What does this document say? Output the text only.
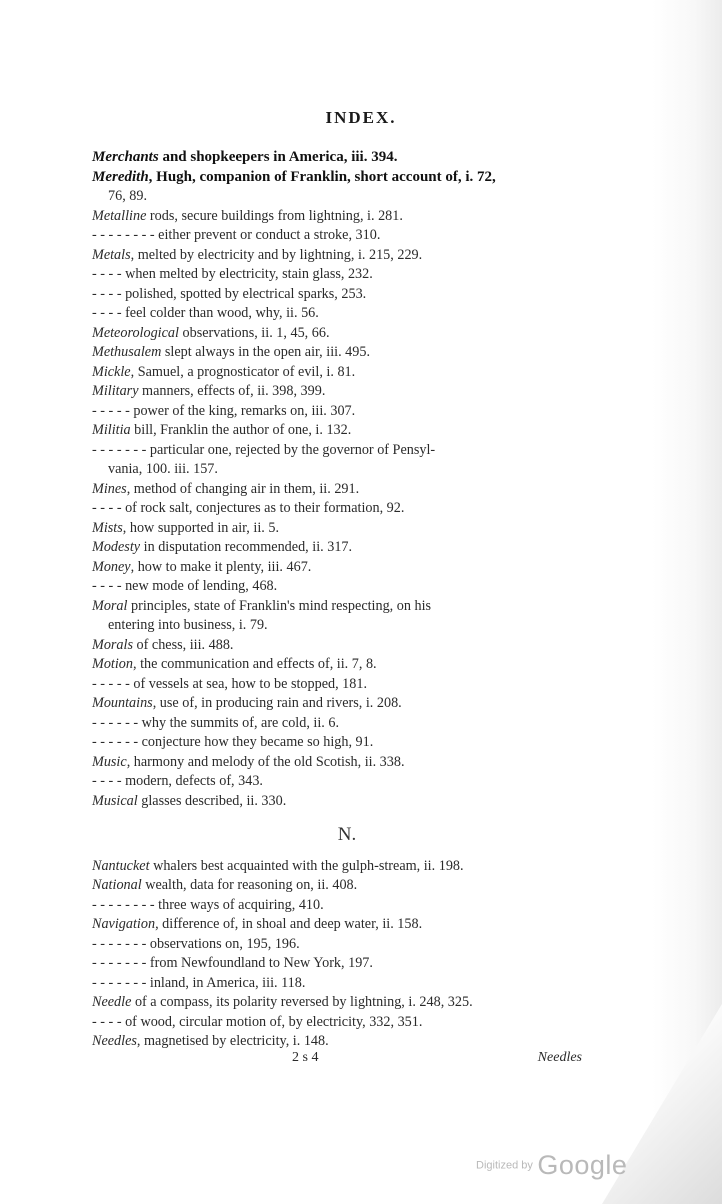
INDEX.
Merchants and shopkeepers in America, iii. 394.
Meredith, Hugh, companion of Franklin, short account of, i. 72,
76, 89.
Metalline rods, secure buildings from lightning, i. 281.
- - - - - - - - either prevent or conduct a stroke, 310.
Metals, melted by electricity and by lightning, i. 215, 229.
- - - - when melted by electricity, stain glass, 232.
- - - - polished, spotted by electrical sparks, 253.
- - - - feel colder than wood, why, ii. 56.
Meteorological observations, ii. 1, 45, 66.
Methusalem slept always in the open air, iii. 495.
Mickle, Samuel, a prognosticator of evil, i. 81.
Military manners, effects of, ii. 398, 399.
- - - - - power of the king, remarks on, iii. 307.
Militia bill, Franklin the author of one, i. 132.
- - - - - - - particular one, rejected by the governor of Pensyl-
vania, 100. iii. 157.
Mines, method of changing air in them, ii. 291.
- - - - of rock salt, conjectures as to their formation, 92.
Mists, how supported in air, ii. 5.
Modesty in disputation recommended, ii. 317.
Money, how to make it plenty, iii. 467.
- - - - new mode of lending, 468.
Moral principles, state of Franklin's mind respecting, on his
entering into business, i. 79.
Morals of chess, iii. 488.
Motion, the communication and effects of, ii. 7, 8.
- - - - - of vessels at sea, how to be stopped, 181.
Mountains, use of, in producing rain and rivers, i. 208.
- - - - - - why the summits of, are cold, ii. 6.
- - - - - - conjecture how they became so high, 91.
Music, harmony and melody of the old Scotish, ii. 338.
- - - - modern, defects of, 343.
Musical glasses described, ii. 330.
N.
Nantucket whalers best acquainted with the gulph-stream, ii. 198.
National wealth, data for reasoning on, ii. 408.
- - - - - - - - three ways of acquiring, 410.
Navigation, difference of, in shoal and deep water, ii. 158.
- - - - - - - observations on, 195, 196.
- - - - - - - from Newfoundland to New York, 197.
- - - - - - - inland, in America, iii. 118.
Needle of a compass, its polarity reversed by lightning, i. 248, 325.
- - - - of wood, circular motion of, by electricity, 332, 351.
Needles, magnetised by electricity, i. 148.
2 s 4	Needles
Digitized by Google
